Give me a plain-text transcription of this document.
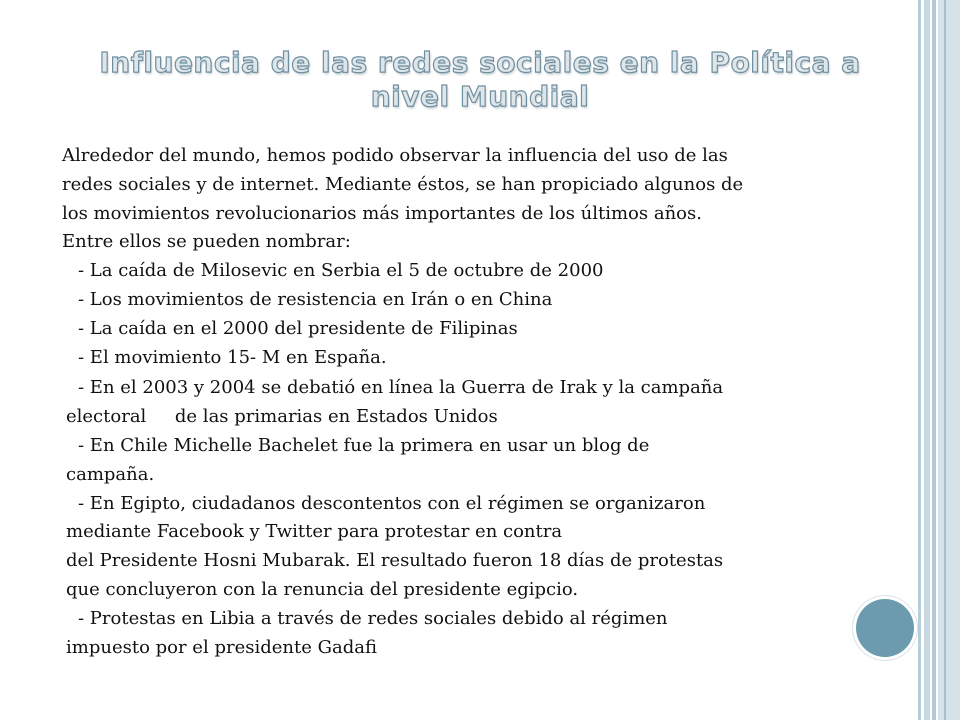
Influencia de las redes sociales en la Política a
nivel Mundial
Alrededor del mundo, hemos podido observar la influencia del uso de las
redes sociales y de internet. Mediante éstos, se han propiciado algunos de
los movimientos revolucionarios más importantes de los últimos años.
Entre ellos se pueden nombrar:
- La caída de Milosevic en Serbia el 5 de octubre de 2000
- Los movimientos de resistencia en Irán o en China
- La caída en el 2000 del presidente de Filipinas
- El movimiento 15- M en España.
- En el 2003 y 2004 se debatió en línea la Guerra de Irak y la campaña
electoral     de las primarias en Estados Unidos
- En Chile Michelle Bachelet fue la primera en usar un blog de
campaña.
- En Egipto, ciudadanos descontentos con el régimen se organizaron
mediante Facebook y Twitter para protestar en contra
del Presidente Hosni Mubarak. El resultado fueron 18 días de protestas
que concluyeron con la renuncia del presidente egipcio.
- Protestas en Libia a través de redes sociales debido al régimen
impuesto por el presidente Gadafi
